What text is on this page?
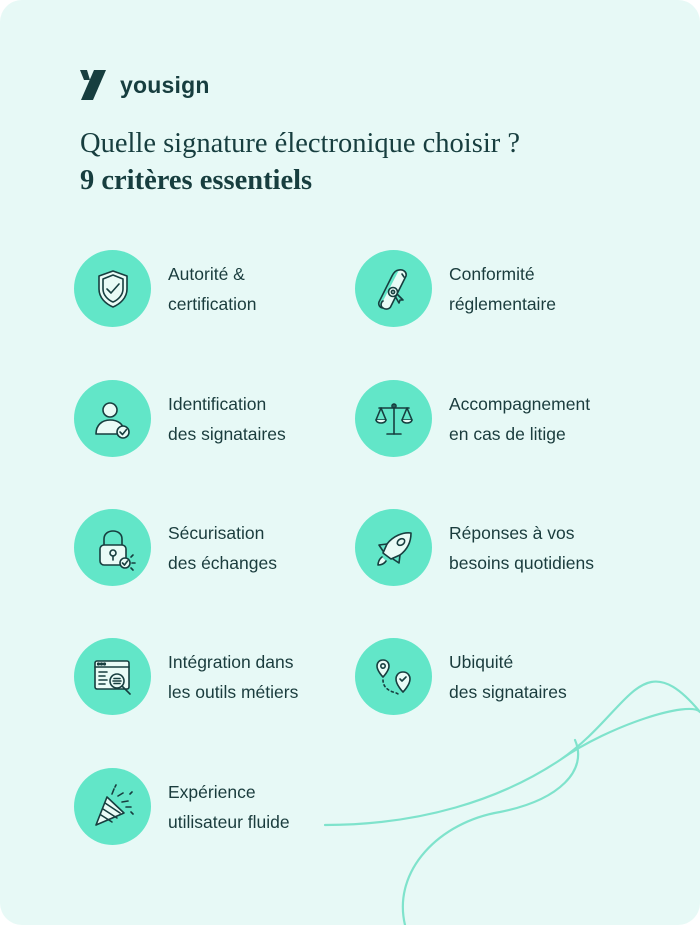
yousign
Quelle signature électronique choisir ?
9 critères essentiels
Autorité &
certification
Conformité
réglementaire
Identification
des signataires
Accompagnement
en cas de litige
Sécurisation
des échanges
Réponses à vos
besoins quotidiens
Intégration dans
les outils métiers
Ubiquité
des signataires
Expérience
utilisateur fluide
